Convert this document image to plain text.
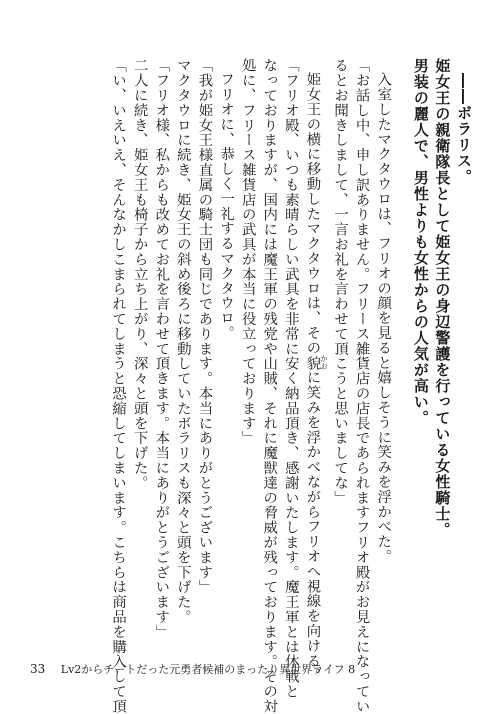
――ボラリス。
姫女王の親衛隊長として姫女王の身辺警護を行っている女性騎士。
男装の麗人で、男性よりも女性からの人気が高い。
入室したマクタウロは、フリオの顔を見ると嬉しそうに笑みを浮かべた。
「お話し中、申し訳ありません。フリース雑貨店の店長であられますフリオ殿がお見えになってい
るとお聞きしまして、一言お礼を言わせて頂こうと思いましてな」
姫女王の横に移動したマクタウロは、その貌 かおに笑みを浮かべながらフリオへ視線を向ける。
「フリオ殿、いつも素晴らしい武具を非常に安く納品頂き、感謝いたします。魔王軍とは休戦と
なっておりますが、国内には魔王軍の残党や山賊、それに魔獣達の脅威が残っております。その対
処に、フリース雑貨店の武具が本当に役立っております」
フリオに、恭しく一礼するマクタウロ。
「我が姫女王様直属の騎士団も同じであります。本当にありがとうございます」
マクタウロに続き、姫女王の斜め後ろに移動していたボラリスも深々と頭を下げた。
「フリオ様、私からも改めてお礼を言わせて頂きます。本当にありがとうございます」
二人に続き、姫女王も椅子から立ち上がり、深々と頭を下げた。
「い、いえいえ、そんなかしこまられてしまうと恐縮してしまいます。こちらは商品を購入して頂
33 Lv2からチートだった元勇者候補のまったり異世界ライフ 8
